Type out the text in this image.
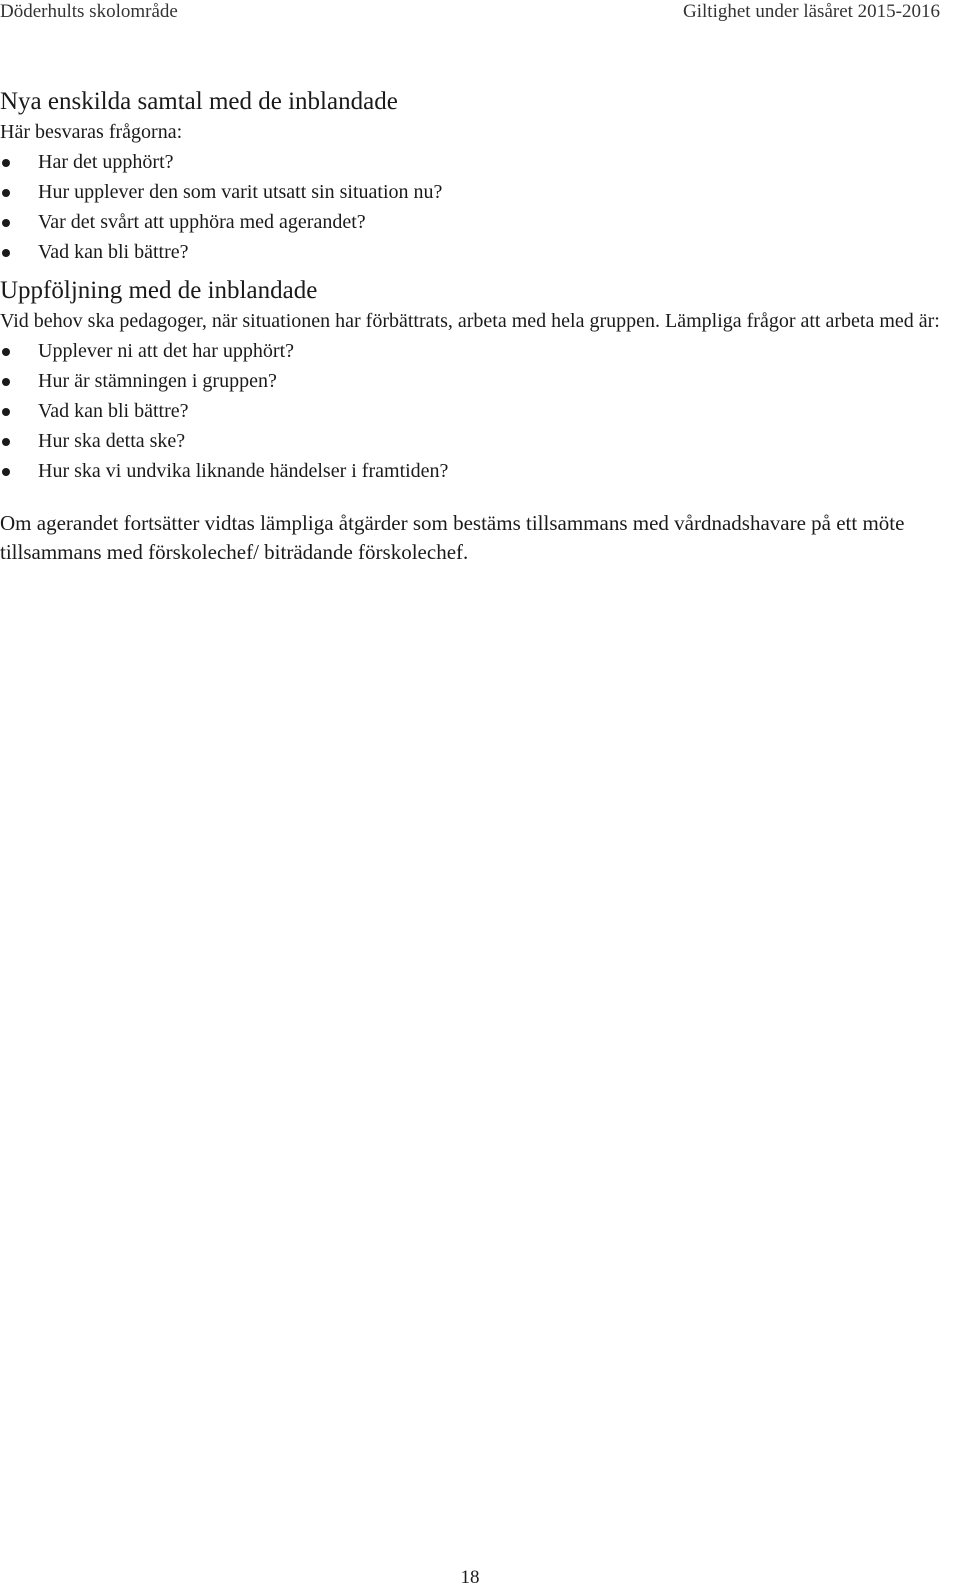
Döderhults skolområde	Giltighet under läsåret 2015-2016
Nya enskilda samtal med de inblandade

Här besvaras frågorna:

Har det upphört?
Hur upplever den som varit utsatt sin situation nu?
Var det svårt att upphöra med agerandet?
Vad kan bli bättre?
Uppföljning med de inblandade

Vid behov ska pedagoger, när situationen har förbättrats, arbeta med hela gruppen. Lämpliga frågor att arbeta med är:

Upplever ni att det har upphört?
Hur är stämningen i gruppen?
Vad kan bli bättre?
Hur ska detta ske?
Hur ska vi undvika liknande händelser i framtiden?

Om agerandet fortsätter vidtas lämpliga åtgärder som bestäms tillsammans med vårdnadshavare på ett möte tillsammans med förskolechef/ biträdande förskolechef.

18
